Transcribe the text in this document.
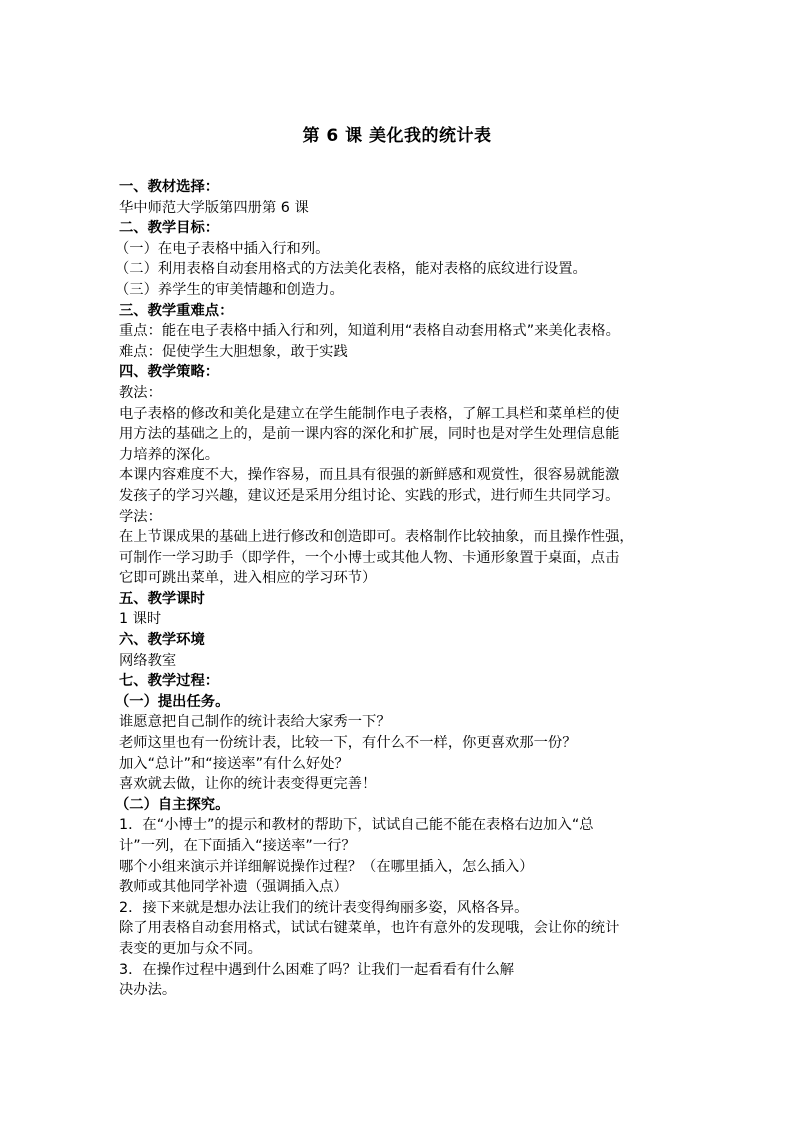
第 6 课 美化我的统计表
一、教材选择：
华中师范大学版第四册第 6 课
二、教学目标：
（一）在电子表格中插入行和列。
（二）利用表格自动套用格式的方法美化表格，能对表格的底纹进行设置。
（三）养学生的审美情趣和创造力。
三、教学重难点：
重点：能在电子表格中插入行和列，知道利用“表格自动套用格式”来美化表格。
难点：促使学生大胆想象，敢于实践
四、教学策略：
教法：
电子表格的修改和美化是建立在学生能制作电子表格，了解工具栏和菜单栏的使
用方法的基础之上的，是前一课内容的深化和扩展，同时也是对学生处理信息能
力培养的深化。
本课内容难度不大，操作容易，而且具有很强的新鲜感和观赏性，很容易就能激
发孩子的学习兴趣，建议还是采用分组讨论、实践的形式，进行师生共同学习。
学法：
在上节课成果的基础上进行修改和创造即可。表格制作比较抽象，而且操作性强，
可制作一学习助手（即学件，一个小博士或其他人物、卡通形象置于桌面，点击
它即可跳出菜单，进入相应的学习环节）
五、教学课时
1 课时
六、教学环境
网络教室
七、教学过程：
（一）提出任务。
谁愿意把自己制作的统计表给大家秀一下？
老师这里也有一份统计表，比较一下，有什么不一样，你更喜欢那一份？
加入“总计”和“接送率”有什么好处？
喜欢就去做，让你的统计表变得更完善！
（二）自主探究。
1．在“小博士”的提示和教材的帮助下，试试自己能不能在表格右边加入“总
计”一列，在下面插入“接送率”一行？
哪个小组来演示并详细解说操作过程？（在哪里插入，怎么插入）
教师或其他同学补遗（强调插入点）
2．接下来就是想办法让我们的统计表变得绚丽多姿，风格各异。
除了用表格自动套用格式，试试右键菜单，也许有意外的发现哦，会让你的统计
表变的更加与众不同。
3．在操作过程中遇到什么困难了吗？让我们一起看看有什么解
决办法。
